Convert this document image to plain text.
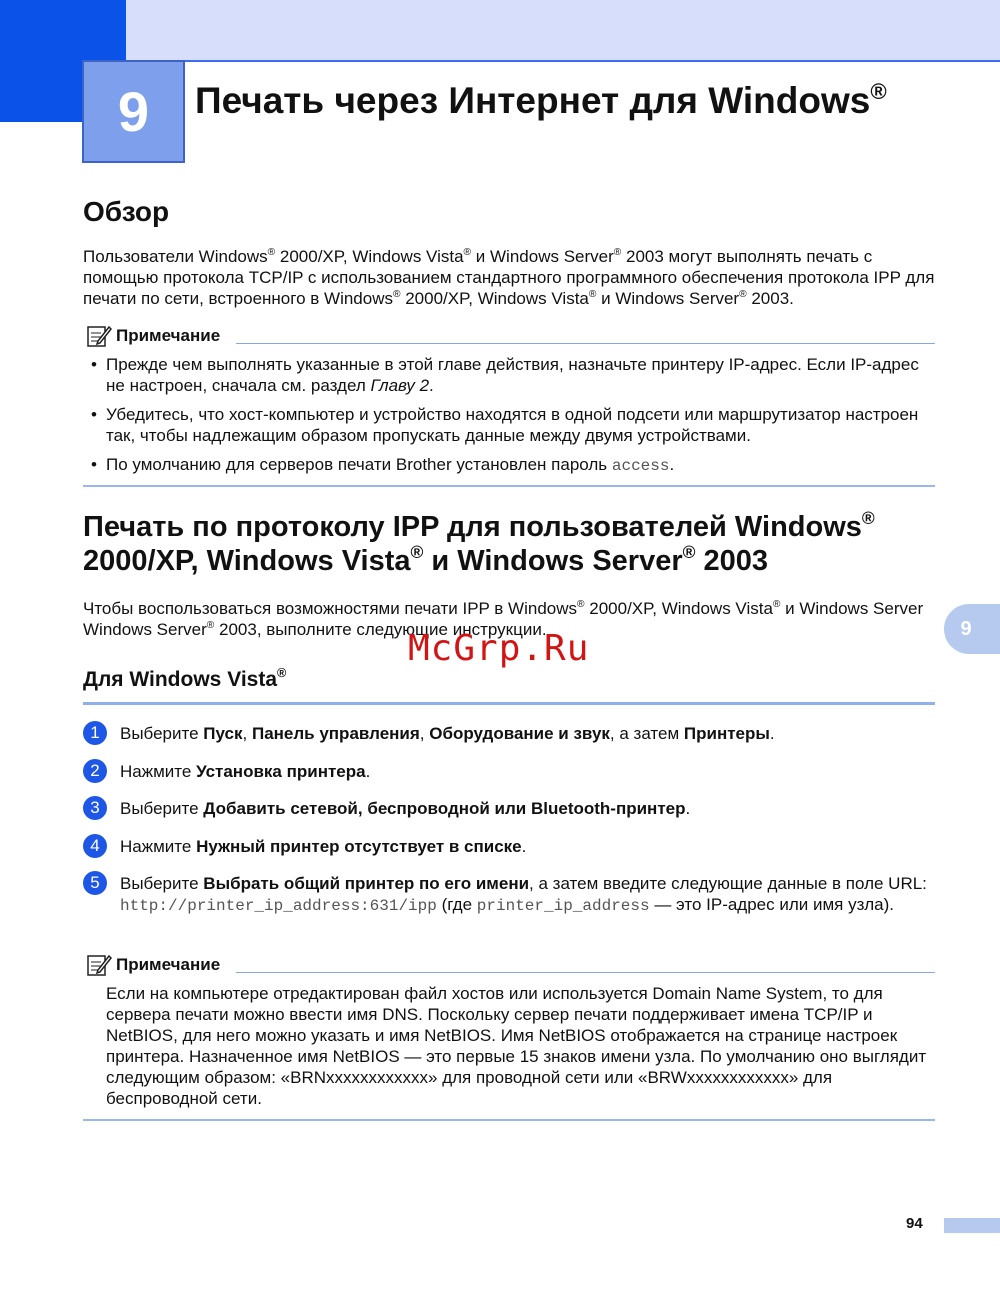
9	Печать через Интернет для Windows®
Обзор

Пользователи Windows® 2000/XP, Windows Vista® и Windows Server® 2003 могут выполнять печать с помощью протокола TCP/IP с использованием стандартного программного обеспечения протокола IPP для печати по сети, встроенного в Windows® 2000/XP, Windows Vista® и Windows Server® 2003.

Примечание
• Прежде чем выполнять указанные в этой главе действия, назначьте принтеру IP-адрес. Если IP-адрес не настроен, сначала см. раздел Главу 2.
• Убедитесь, что хост-компьютер и устройство находятся в одной подсети или маршрутизатор настроен так, чтобы надлежащим образом пропускать данные между двумя устройствами.
• По умолчанию для серверов печати Brother установлен пароль access.
Печать по протоколу IPP для пользователей Windows®
2000/XP, Windows Vista® и Windows Server® 2003

Чтобы воспользоваться возможностями печати IPP в Windows® 2000/XP, Windows Vista® и Windows Server
Windows Server® 2003, выполните следующие инструкции.	9
McGrp.Ru
Для Windows Vista®
1	Выберите Пуск, Панель управления, Оборудование и звук, а затем Принтеры.
2	Нажмите Установка принтера.
3	Выберите Добавить сетевой, беспроводной или Bluetooth-принтер.
4	Нажмите Нужный принтер отсутствует в списке.
5	Выберите Выбрать общий принтер по его имени, а затем введите следующие данные в поле URL: http://printer_ip_address:631/ipp (где printer_ip_address — это IP-адрес или имя узла).
Примечание

Если на компьютере отредактирован файл хостов или используется Domain Name System, то для сервера печати можно ввести имя DNS. Поскольку сервер печати поддерживает имена TCP/IP и NetBIOS, для него можно указать и имя NetBIOS. Имя NetBIOS отображается на странице настроек принтера. Назначенное имя NetBIOS — это первые 15 знаков имени узла. По умолчанию оно выглядит следующим образом: «BRNxxxxxxxxxxxx» для проводной сети или «BRWxxxxxxxxxxxx» для беспроводной сети.

94
